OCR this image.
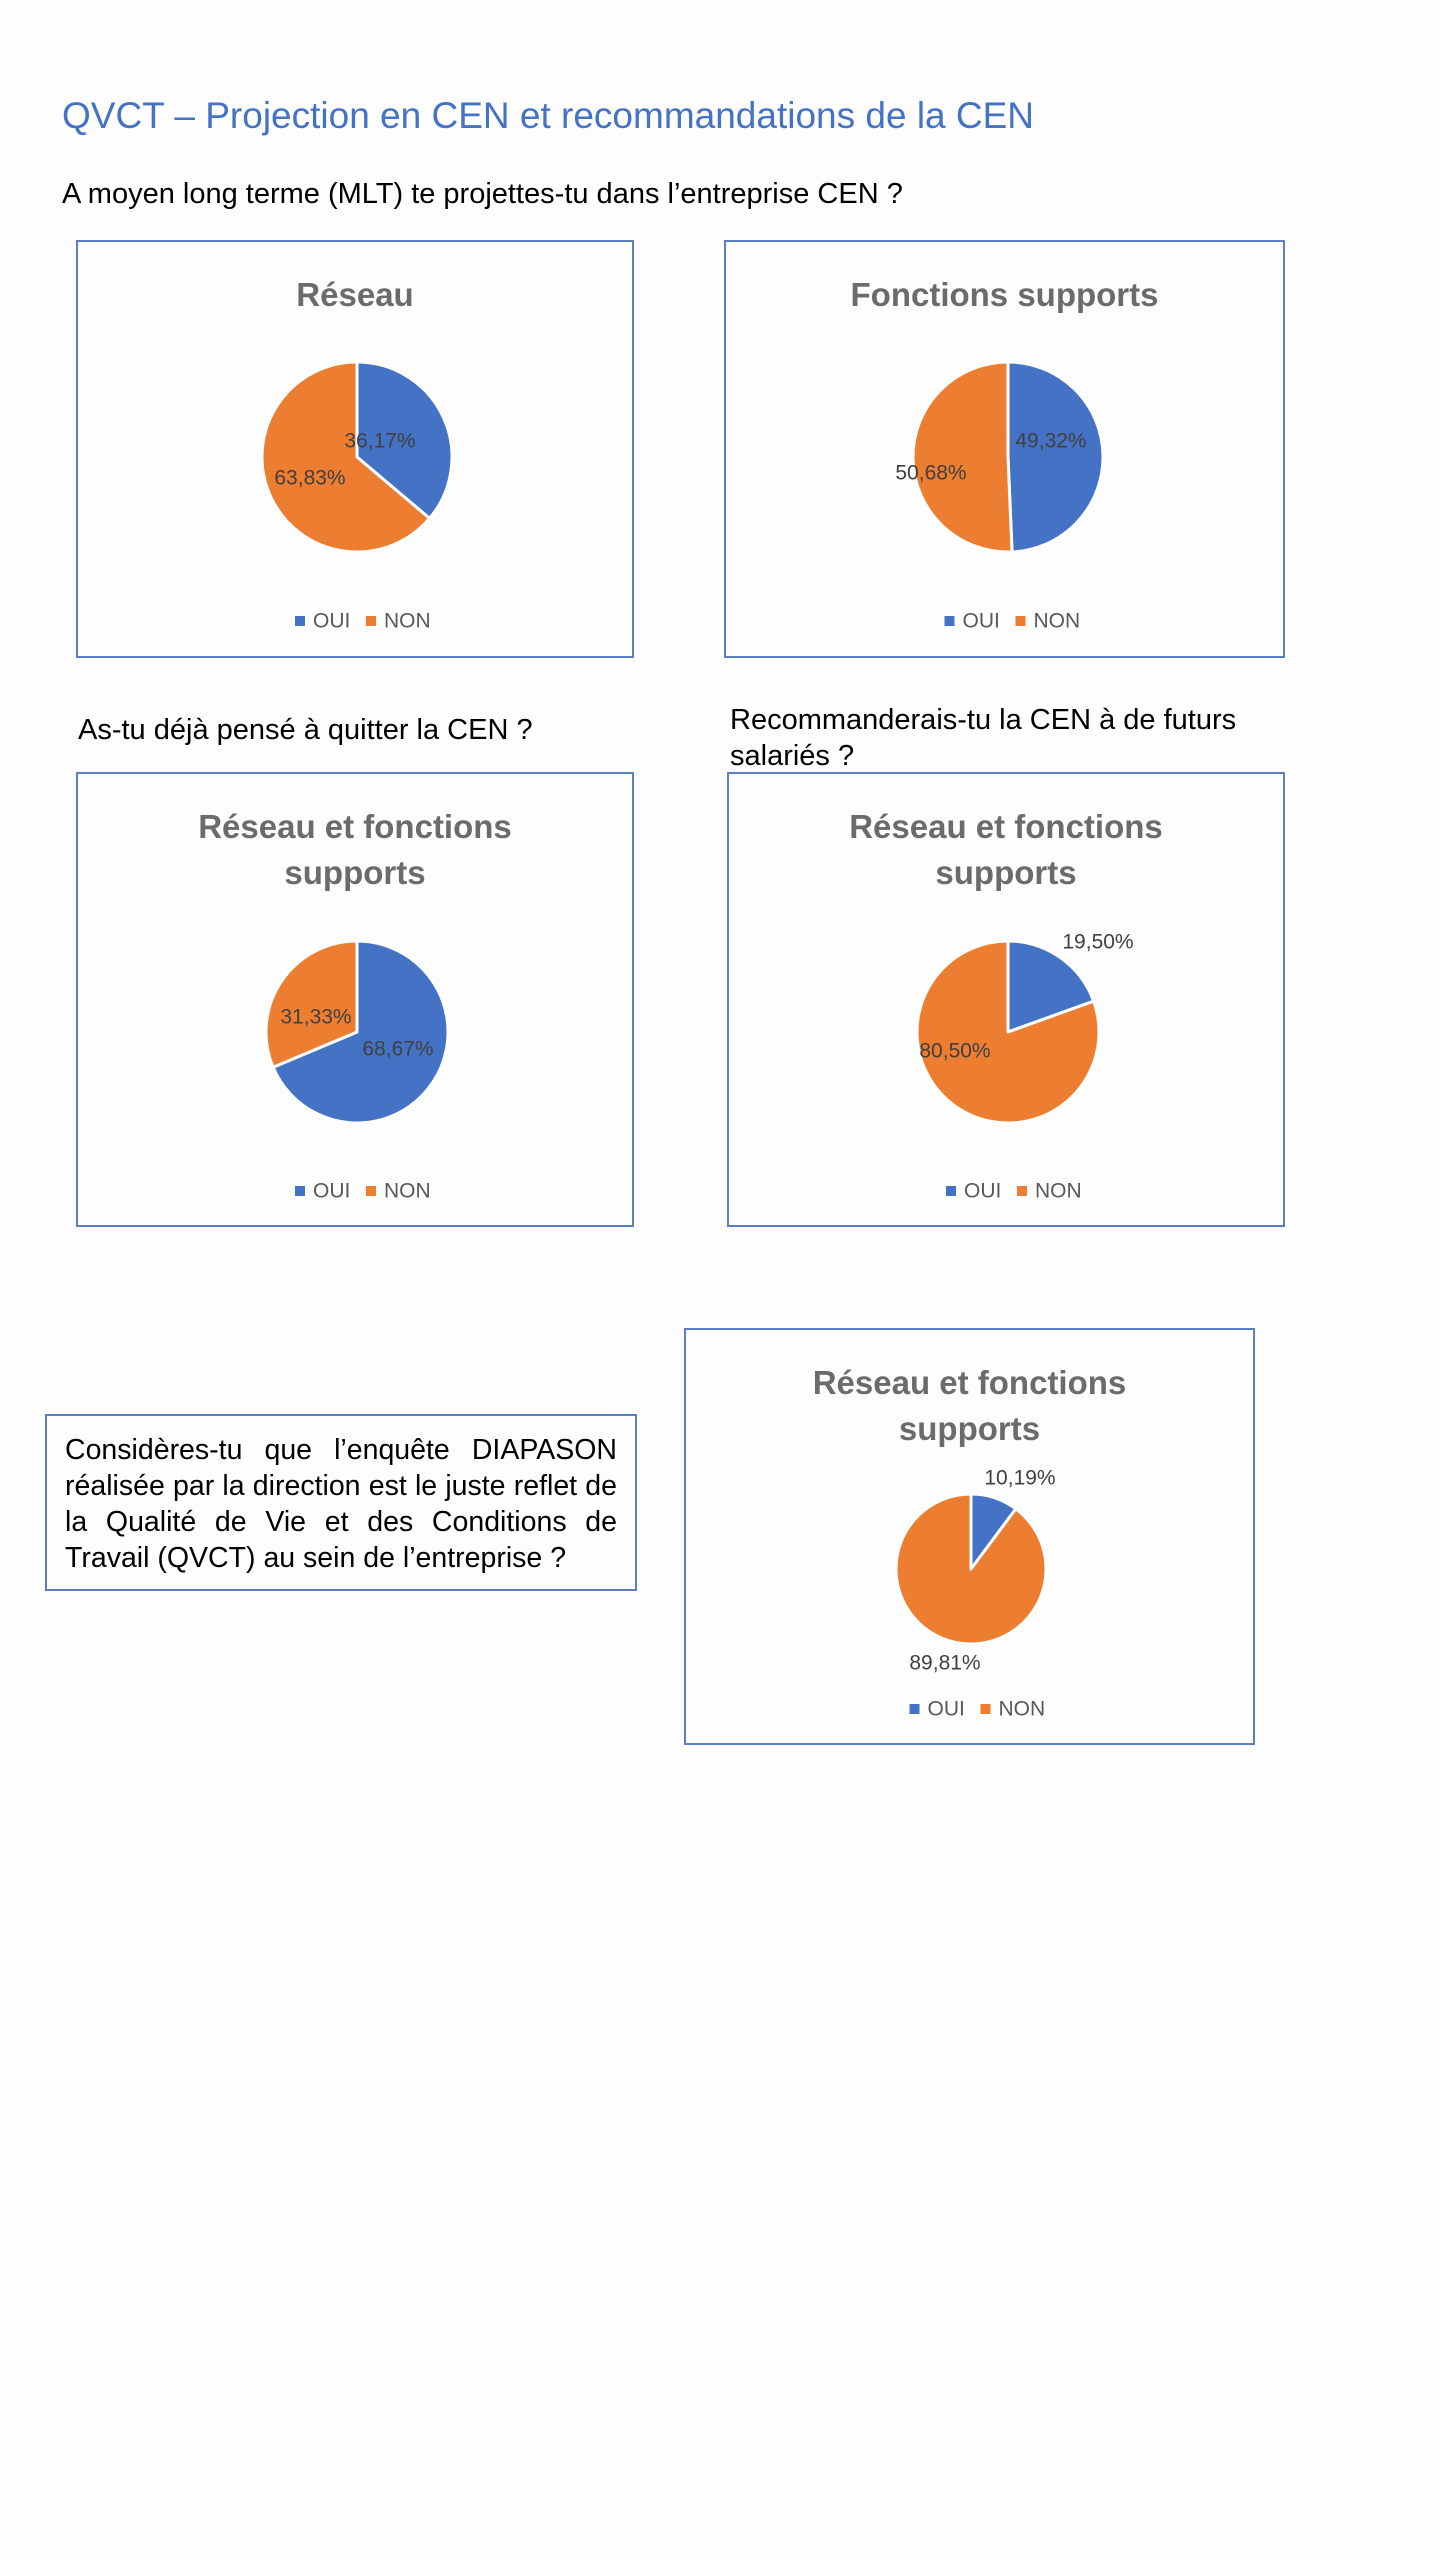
QVCT – Projection en CEN et recommandations de la CEN
A moyen long terme (MLT) te projettes-tu dans l’entreprise CEN ?
As-tu déjà pensé à quitter la CEN ?	Recommanderais-tu la CEN à de futurs salariés ?
Réseau
36,17%
63,83%
OUI NON
Fonctions supports
49,32%
50,68%
OUI NON
Réseau et fonctions
supports
68,67%
31,33%
OUI NON
Réseau et fonctions
supports
19,50%
80,50%
OUI NON
Réseau et fonctions
supports
10,19%
89,81%
OUI NON
Considères-tu que l’enquête DIAPASON réalisée par la direction est le juste reflet de la Qualité de Vie et des Conditions de Travail (QVCT) au sein de l’entreprise ?
